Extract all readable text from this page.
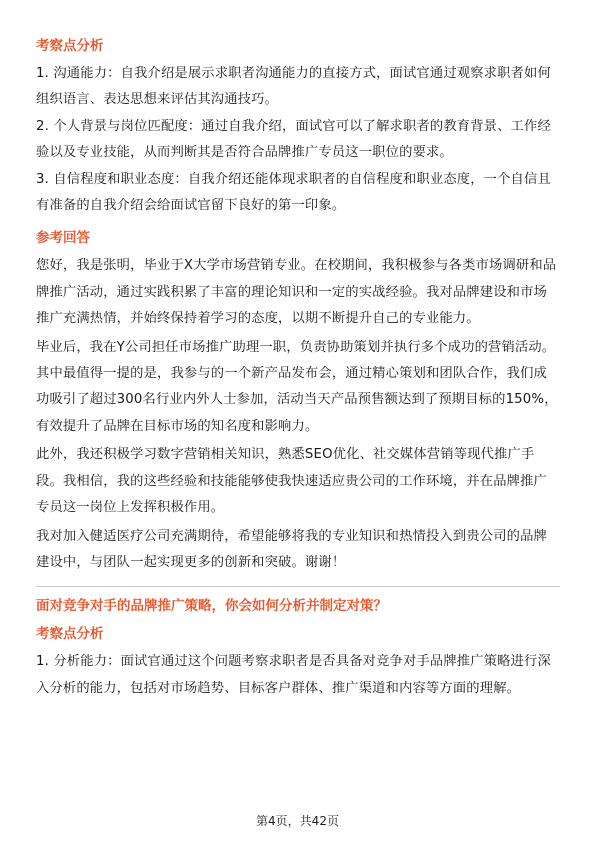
考察点分析

1. 沟通能力：自我介绍是展示求职者沟通能力的直接方式，面试官通过观察求职者如何组织语言、表达思想来评估其沟通技巧。

2. 个人背景与岗位匹配度：通过自我介绍，面试官可以了解求职者的教育背景、工作经验以及专业技能，从而判断其是否符合品牌推广专员这一职位的要求。

3. 自信程度和职业态度：自我介绍还能体现求职者的自信程度和职业态度，一个自信且有准备的自我介绍会给面试官留下良好的第一印象。

参考回答

您好，我是张明，毕业于X大学市场营销专业。在校期间，我积极参与各类市场调研和品牌推广活动，通过实践积累了丰富的理论知识和一定的实战经验。我对品牌建设和市场推广充满热情，并始终保持着学习的态度，以期不断提升自己的专业能力。

毕业后，我在Y公司担任市场推广助理一职，负责协助策划并执行多个成功的营销活动。其中最值得一提的是，我参与的一个新产品发布会，通过精心策划和团队合作，我们成功吸引了超过300名行业内外人士参加，活动当天产品预售额达到了预期目标的150%，有效提升了品牌在目标市场的知名度和影响力。

此外，我还积极学习数字营销相关知识，熟悉SEO优化、社交媒体营销等现代推广手段。我相信，我的这些经验和技能能够使我快速适应贵公司的工作环境，并在品牌推广专员这一岗位上发挥积极作用。

我对加入健适医疗公司充满期待，希望能够将我的专业知识和热情投入到贵公司的品牌建设中，与团队一起实现更多的创新和突破。谢谢！

面对竞争对手的品牌推广策略，你会如何分析并制定对策？
考察点分析

1. 分析能力：面试官通过这个问题考察求职者是否具备对竞争对手品牌推广策略进行深入分析的能力，包括对市场趋势、目标客户群体、推广渠道和内容等方面的理解。

第4页，共42页
